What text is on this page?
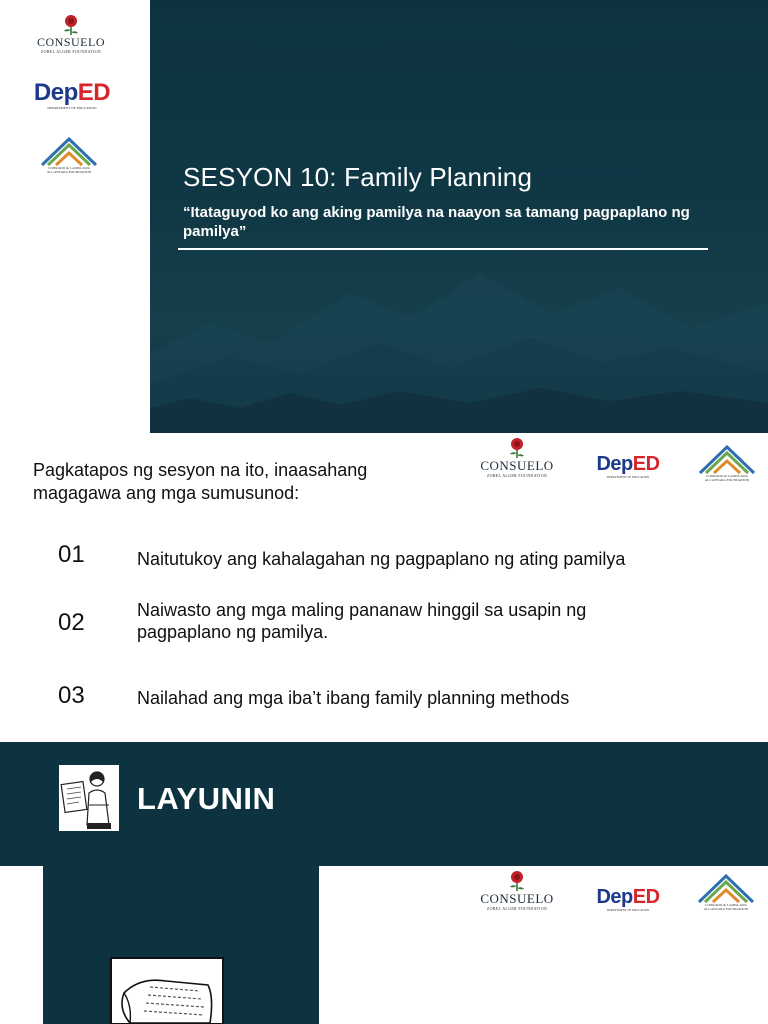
CONSUELO
ZOBEL ALGER FOUNDATION
DepED
DEPARTMENT OF EDUCATION
CONRADO & LADISLAWA
ALCANTARA FOUNDATION	SESYON 10: Family Planning

“Itataguyod ko ang aking pamilya na naayon sa tamang pagpaplano ng pamilya”

Pagkatapos ng sesyon na ito, inaasahang magagawa ang mga sumusunod:

CONSUELO
ZOBEL ALGER FOUNDATION
DepED
DEPARTMENT OF EDUCATION	CONRADO & LADISLAWA
ALCANTARA FOUNDATION
01	Naitutukoy ang kahalagahan ng pagpaplano ng ating pamilya
02	Naiwasto ang mga maling pananaw hinggil sa usapin ng pagpaplano ng pamilya.
03	Nailahad ang mga iba’t ibang family planning methods
LAYUNIN
CONSUELO
ZOBEL ALGER FOUNDATION
DepED
DEPARTMENT OF EDUCATION
CONRADO & LADISLAWA
ALCANTARA FOUNDATION
